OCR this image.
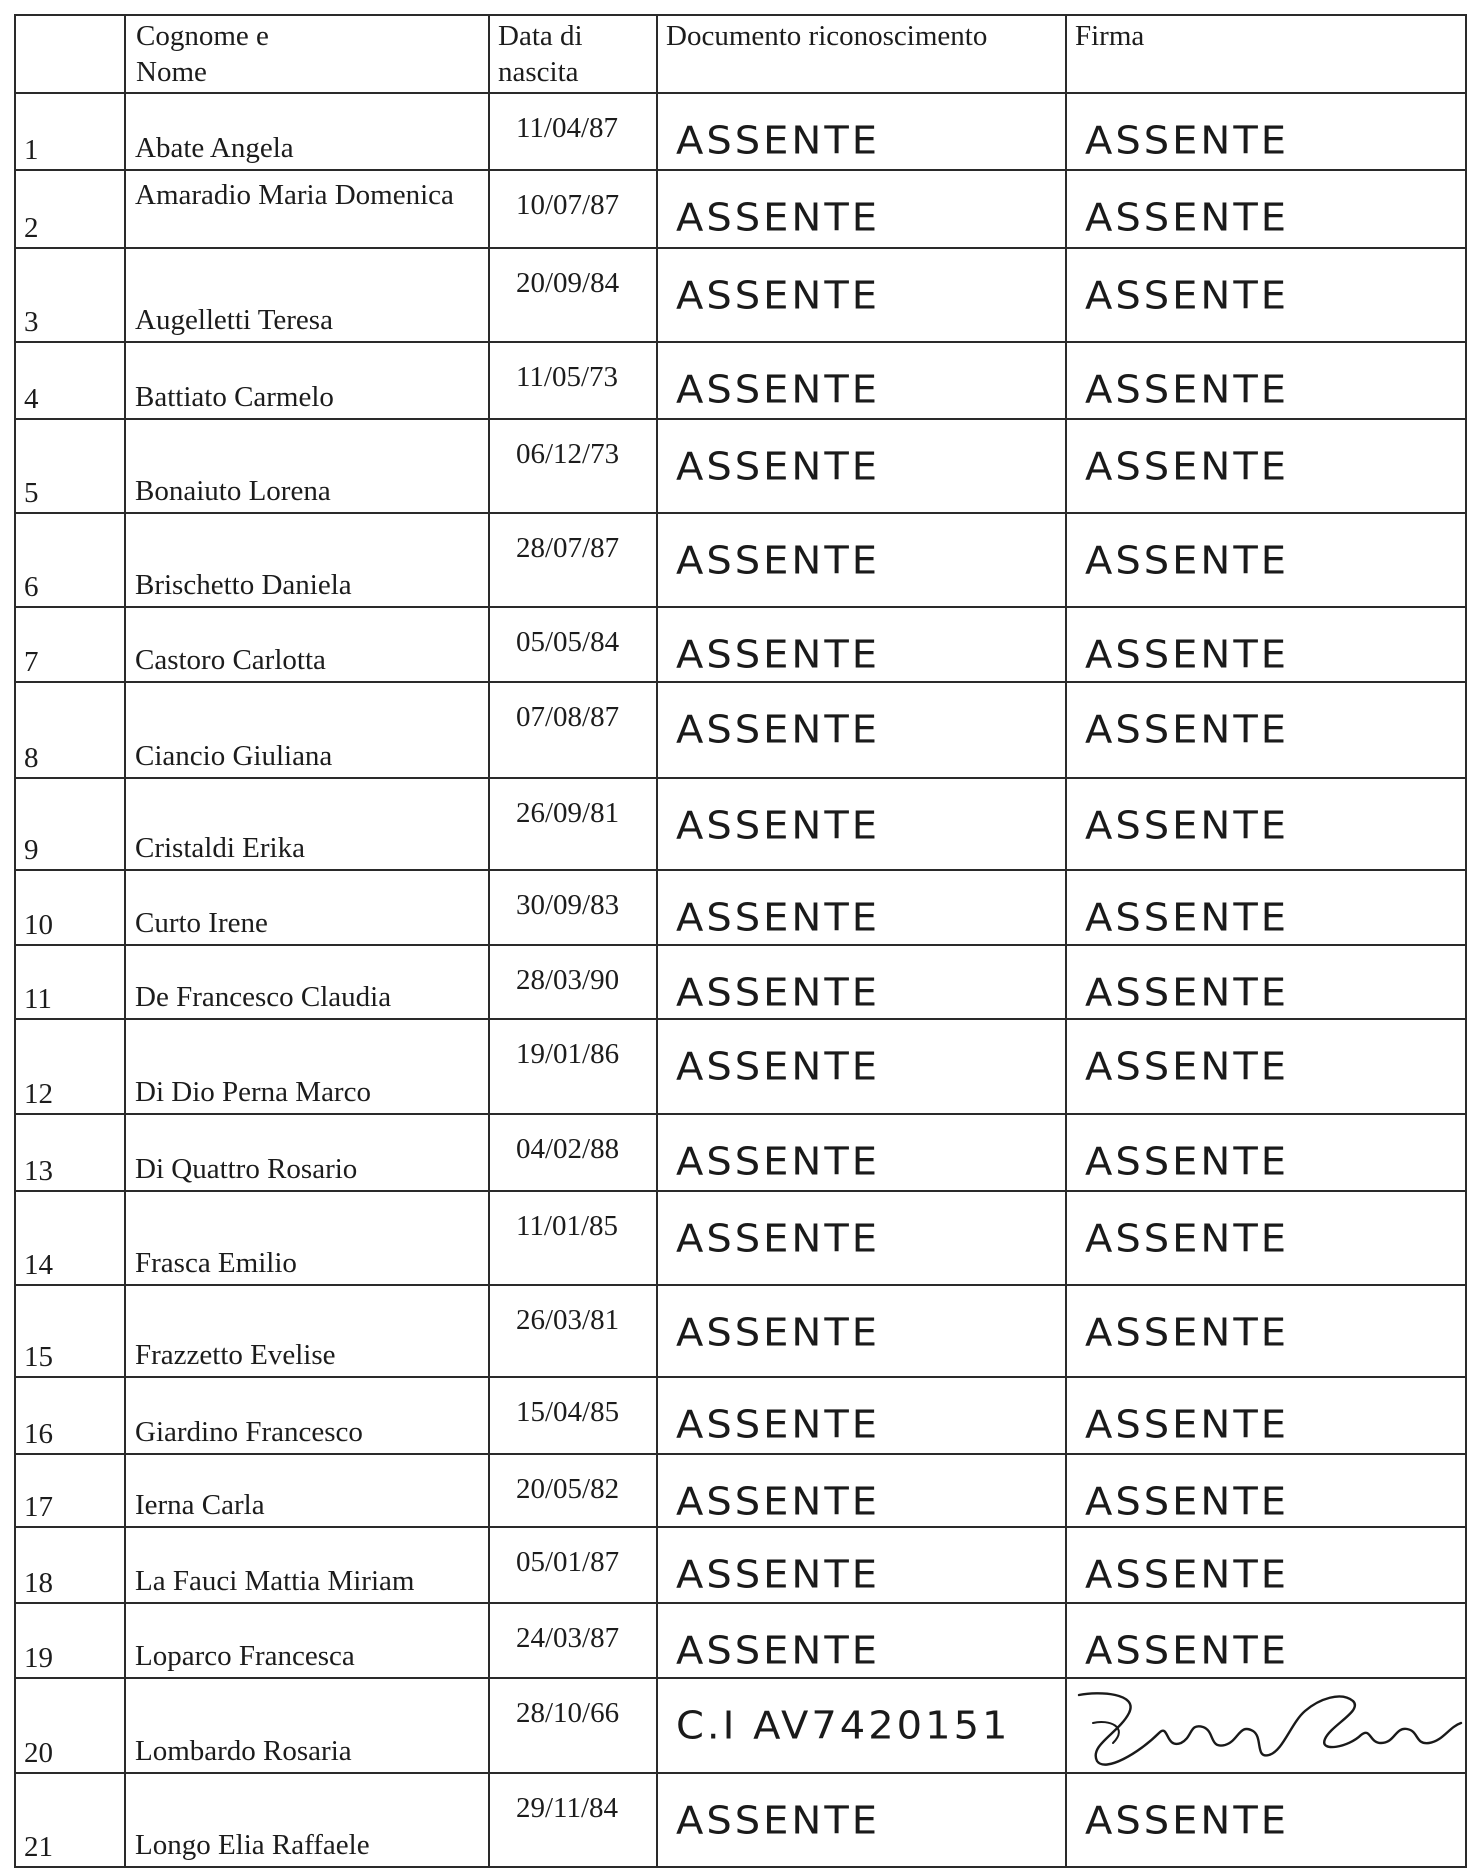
	Cognome e Nome	Data di nascita	Documento riconoscimento	Firma

1	Abate Angela	11/04/87	ASSENTE	ASSENTE
2	Amaradio Maria Domenica	10/07/87	ASSENTE	ASSENTE
3	Augelletti Teresa	20/09/84	ASSENTE	ASSENTE
4	Battiato Carmelo	11/05/73	ASSENTE	ASSENTE
5	Bonaiuto Lorena	06/12/73	ASSENTE	ASSENTE
6	Brischetto Daniela	28/07/87	ASSENTE	ASSENTE
7	Castoro Carlotta	05/05/84	ASSENTE	ASSENTE
8	Ciancio Giuliana	07/08/87	ASSENTE	ASSENTE
9	Cristaldi Erika	26/09/81	ASSENTE	ASSENTE
10	Curto Irene	30/09/83	ASSENTE	ASSENTE
11	De Francesco Claudia	28/03/90	ASSENTE	ASSENTE
12	Di Dio Perna Marco	19/01/86	ASSENTE	ASSENTE
13	Di Quattro Rosario	04/02/88	ASSENTE	ASSENTE
14	Frasca Emilio	11/01/85	ASSENTE	ASSENTE
15	Frazzetto Evelise	26/03/81	ASSENTE	ASSENTE
16	Giardino Francesco	15/04/85	ASSENTE	ASSENTE
17	Ierna Carla	20/05/82	ASSENTE	ASSENTE
18	La Fauci Mattia Miriam	05/01/87	ASSENTE	ASSENTE
19	Loparco Francesca	24/03/87	ASSENTE	ASSENTE
20	Lombardo Rosaria	28/10/66	C.I AV7420151	

21	Longo Elia Raffaele	29/11/84	ASSENTE	ASSENTE
